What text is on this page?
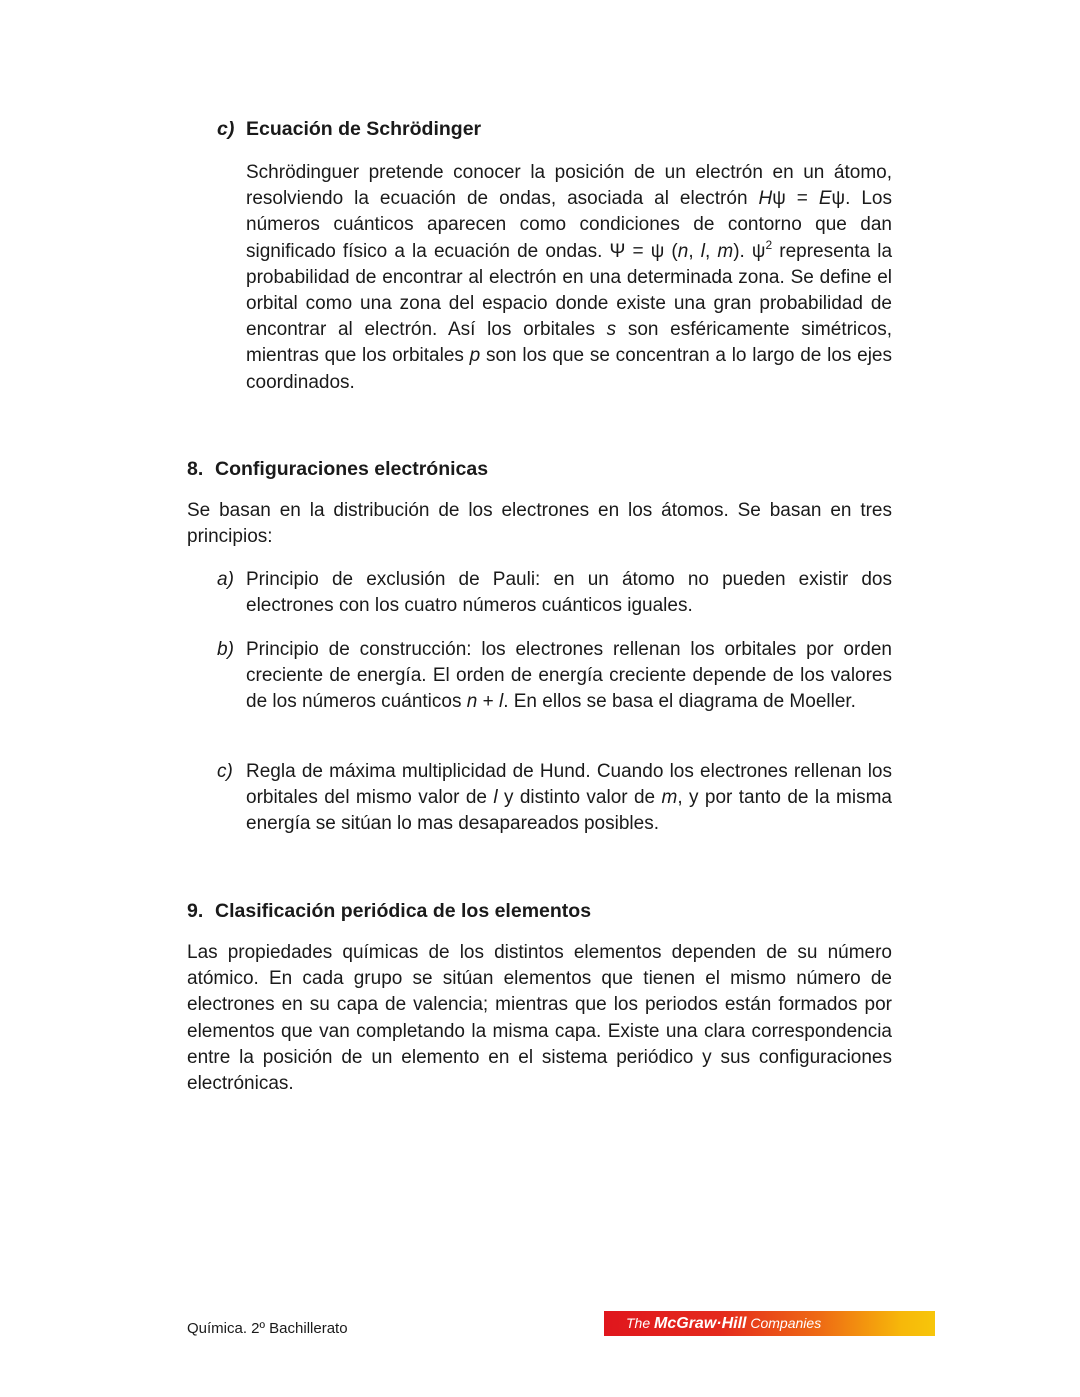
c) Ecuación de Schrödinger

Schrödinguer pretende conocer la posición de un electrón en un átomo, resolviendo la ecuación de ondas, asociada al electrón Hψ = Eψ. Los números cuánticos aparecen como condiciones de contorno que dan significado físico a la ecuación de ondas. Ψ = ψ (n, l, m). $\psi^2$ representa la probabilidad de encontrar al electrón en una determinada zona. Se define el orbital como una zona del espacio donde existe una gran probabilidad de encontrar al electrón. Así los orbitales s son esféricamente simétricos, mientras que los orbitales p son los que se concentran a lo largo de los ejes coordinados.

8. Configuraciones electrónicas

Se basan en la distribución de los electrones en los átomos. Se basan en tres principios:

a) Principio de exclusión de Pauli: en un átomo no pueden existir dos electrones con los cuatro números cuánticos iguales.

b) Principio de construcción: los electrones rellenan los orbitales por orden creciente de energía. El orden de energía creciente depende de los valores de los números cuánticos n + l. En ellos se basa el diagrama de Moeller.

c) Regla de máxima multiplicidad de Hund. Cuando los electrones rellenan los orbitales del mismo valor de l y distinto valor de m, y por tanto de la misma energía se sitúan lo mas desapareados posibles.

9. Clasificación periódica de los elementos

Las propiedades químicas de los distintos elementos dependen de su número atómico. En cada grupo se sitúan elementos que tienen el mismo número de electrones en su capa de valencia; mientras que los periodos están formados por elementos que van completando la misma capa. Existe una clara correspondencia entre la posición de un elemento en el sistema periódico y sus configuraciones electrónicas.

Química. 2º Bachillerato	The McGraw·Hill Companies
